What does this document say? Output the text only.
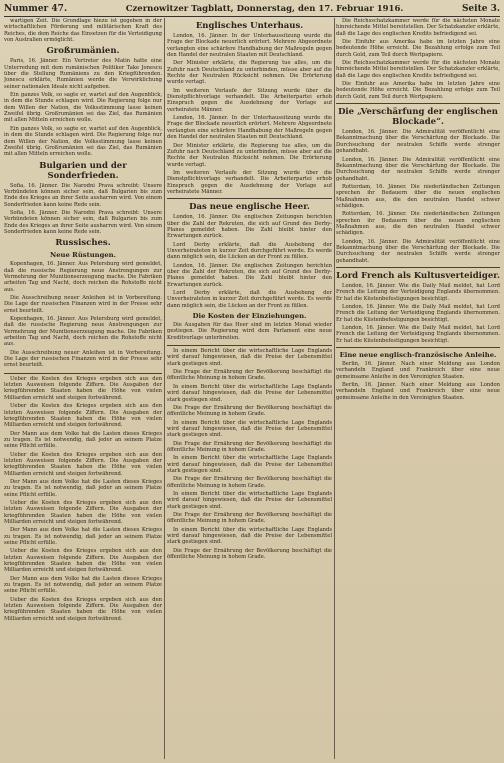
Nummer 47.	Czernowitzer Tagblatt, Donnerstag, den 17. Februar 1916.	Seite 3.

wartigen Zeit. Die Grundlage hiezu ist gegeben in der wirtschaftlichen Förderung und militärischen Kraft des Reiches, die dem Reiche das Einsetzen für die Verteidigung von Australien ermöglicht.

Großrumänien.

Paris, 16. Jänner. Ein Vertreter des Matin hatte eine Unterredung mit dem rumänischen Politiker Take Jonescu über die Stellung Rumäniens zu den Kriegführenden. Jonescu erklärte, Rumänien werde die Verwirklichung seiner nationalen Ideale nicht aufgeben.

Ein ganzes Volk, so sagte er, wartet auf den Augenblick, in dem die Stunde schlagen wird. Die Regierung folge nur dem Willen der Nation, die Volksstimmung lasse keinen Zweifel übrig. Großrumänien sei das Ziel, das Rumänien mit allen Mitteln erreichen wolle.

Ein ganzes Volk, so sagte er, wartet auf den Augenblick, in dem die Stunde schlagen wird. Die Regierung folge nur dem Willen der Nation, die Volksstimmung lasse keinen Zweifel übrig. Großrumänien sei das Ziel, das Rumänien mit allen Mitteln erreichen wolle.

Bulgarien und der Sonderfrieden.

Sofia, 16. Jänner. Die Narodni Prava schreibt: Unsere Verbündeten können sicher sein, daß Bulgarien bis zum Ende des Krieges an ihrer Seite ausharren wird. Von einem Sonderfrieden kann keine Rede sein.

Sofia, 16. Jänner. Die Narodni Prava schreibt: Unsere Verbündeten können sicher sein, daß Bulgarien bis zum Ende des Krieges an ihrer Seite ausharren wird. Von einem Sonderfrieden kann keine Rede sein.

Russisches.
Neue Rüstungen.

Kopenhagen, 16. Jänner. Aus Petersburg wird gemeldet, daß die russische Regierung neue Anstrengungen zur Vermehrung der Munitionserzeugung mache. Die Fabriken arbeiten Tag und Nacht, doch reichen die Rohstoffe nicht aus.

Die Ausschreibung neuer Anleihen ist in Vorbereitung. Die Lage der russischen Finanzen wird in der Presse sehr ernst beurteilt.

Kopenhagen, 16. Jänner. Aus Petersburg wird gemeldet, daß die russische Regierung neue Anstrengungen zur Vermehrung der Munitionserzeugung mache. Die Fabriken arbeiten Tag und Nacht, doch reichen die Rohstoffe nicht aus.

Die Ausschreibung neuer Anleihen ist in Vorbereitung. Die Lage der russischen Finanzen wird in der Presse sehr ernst beurteilt.

Ueber die Kosten des Krieges ergeben sich aus den letzten Ausweisen folgende Ziffern. Die Ausgaben der kriegführenden Staaten haben die Höhe von vielen Milliarden erreicht und steigen fortwährend.

Ueber die Kosten des Krieges ergeben sich aus den letzten Ausweisen folgende Ziffern. Die Ausgaben der kriegführenden Staaten haben die Höhe von vielen Milliarden erreicht und steigen fortwährend.

Der Mann aus dem Volke hat die Lasten dieses Krieges zu tragen. Es ist notwendig, daß jeder an seinem Platze seine Pflicht erfülle.

Ueber die Kosten des Krieges ergeben sich aus den letzten Ausweisen folgende Ziffern. Die Ausgaben der kriegführenden Staaten haben die Höhe von vielen Milliarden erreicht und steigen fortwährend.

Der Mann aus dem Volke hat die Lasten dieses Krieges zu tragen. Es ist notwendig, daß jeder an seinem Platze seine Pflicht erfülle.

Ueber die Kosten des Krieges ergeben sich aus den letzten Ausweisen folgende Ziffern. Die Ausgaben der kriegführenden Staaten haben die Höhe von vielen Milliarden erreicht und steigen fortwährend.

Der Mann aus dem Volke hat die Lasten dieses Krieges zu tragen. Es ist notwendig, daß jeder an seinem Platze seine Pflicht erfülle.

Ueber die Kosten des Krieges ergeben sich aus den letzten Ausweisen folgende Ziffern. Die Ausgaben der kriegführenden Staaten haben die Höhe von vielen Milliarden erreicht und steigen fortwährend.

Der Mann aus dem Volke hat die Lasten dieses Krieges zu tragen. Es ist notwendig, daß jeder an seinem Platze seine Pflicht erfülle.

Ueber die Kosten des Krieges ergeben sich aus den letzten Ausweisen folgende Ziffern. Die Ausgaben der kriegführenden Staaten haben die Höhe von vielen Milliarden erreicht und steigen fortwährend.

Englisches Unterhaus.

London, 16. Jänner. In der Unterhaussitzung wurde die Frage der Blockade neuerlich erörtert. Mehrere Abgeordnete verlangten eine schärfere Handhabung der Maßregeln gegen den Handel der neutralen Staaten mit Deutschland.

Der Minister erklärte, die Regierung tue alles, um die Zufuhr nach Deutschland zu unterbinden, müsse aber auf die Rechte der Neutralen Rücksicht nehmen. Die Erörterung wurde vertagt.

Im weiteren Verlaufe der Sitzung wurde über die Dienstpflichtvorlage verhandelt. Die Arbeiterpartei erhob Einspruch gegen die Ausdehnung der Vorlage auf verheiratete Männer.

London, 16. Jänner. In der Unterhaussitzung wurde die Frage der Blockade neuerlich erörtert. Mehrere Abgeordnete verlangten eine schärfere Handhabung der Maßregeln gegen den Handel der neutralen Staaten mit Deutschland.

Der Minister erklärte, die Regierung tue alles, um die Zufuhr nach Deutschland zu unterbinden, müsse aber auf die Rechte der Neutralen Rücksicht nehmen. Die Erörterung wurde vertagt.

Im weiteren Verlaufe der Sitzung wurde über die Dienstpflichtvorlage verhandelt. Die Arbeiterpartei erhob Einspruch gegen die Ausdehnung der Vorlage auf verheiratete Männer.

Das neue englische Heer.

London, 16. Jänner. Die englischen Zeitungen berichten über die Zahl der Rekruten, die sich auf Grund des Derby-Planes gemeldet haben. Die Zahl bleibt hinter den Erwartungen zurück.

Lord Derby erklärte, daß die Aushebung der Unverheirateten in kurzer Zeit durchgeführt werde. Es werde dann möglich sein, die Lücken an der Front zu füllen.

London, 16. Jänner. Die englischen Zeitungen berichten über die Zahl der Rekruten, die sich auf Grund des Derby-Planes gemeldet haben. Die Zahl bleibt hinter den Erwartungen zurück.

Lord Derby erklärte, daß die Aushebung der Unverheirateten in kurzer Zeit durchgeführt werde. Es werde dann möglich sein, die Lücken an der Front zu füllen.

Die Kosten der Einziehungen.

Die Ausgaben für das Heer sind im letzten Monat wieder gestiegen. Die Regierung wird dem Parlament eine neue Kreditvorlage unterbreiten.

In einem Bericht über die wirtschaftliche Lage Englands wird darauf hingewiesen, daß die Preise der Lebensmittel stark gestiegen sind.

Die Frage der Ernährung der Bevölkerung beschäftigt die öffentliche Meinung in hohem Grade.

In einem Bericht über die wirtschaftliche Lage Englands wird darauf hingewiesen, daß die Preise der Lebensmittel stark gestiegen sind.

Die Frage der Ernährung der Bevölkerung beschäftigt die öffentliche Meinung in hohem Grade.

In einem Bericht über die wirtschaftliche Lage Englands wird darauf hingewiesen, daß die Preise der Lebensmittel stark gestiegen sind.

Die Frage der Ernährung der Bevölkerung beschäftigt die öffentliche Meinung in hohem Grade.

In einem Bericht über die wirtschaftliche Lage Englands wird darauf hingewiesen, daß die Preise der Lebensmittel stark gestiegen sind.

Die Frage der Ernährung der Bevölkerung beschäftigt die öffentliche Meinung in hohem Grade.

In einem Bericht über die wirtschaftliche Lage Englands wird darauf hingewiesen, daß die Preise der Lebensmittel stark gestiegen sind.

Die Frage der Ernährung der Bevölkerung beschäftigt die öffentliche Meinung in hohem Grade.

In einem Bericht über die wirtschaftliche Lage Englands wird darauf hingewiesen, daß die Preise der Lebensmittel stark gestiegen sind.

Die Frage der Ernährung der Bevölkerung beschäftigt die öffentliche Meinung in hohem Grade.

Die Reichsschatzkammer werde für die nächsten Monate hinreichende Mittel bereitstellen. Der Schatzkanzler erklärte, daß die Lage des englischen Kredits befriedigend sei.

Die Einfuhr aus Amerika habe im letzten Jahre eine bedeutende Höhe erreicht. Die Bezahlung erfolge zum Teil durch Gold, zum Teil durch Wertpapiere.

Die Reichsschatzkammer werde für die nächsten Monate hinreichende Mittel bereitstellen. Der Schatzkanzler erklärte, daß die Lage des englischen Kredits befriedigend sei.

Die Einfuhr aus Amerika habe im letzten Jahre eine bedeutende Höhe erreicht. Die Bezahlung erfolge zum Teil durch Gold, zum Teil durch Wertpapiere.

Die „Verschärfung der englischen Blockade“.

London, 16. Jänner. Die Admiralität veröffentlicht eine Bekanntmachung über die Verschärfung der Blockade. Die Durchsuchung der neutralen Schiffe werde strenger gehandhabt.

London, 16. Jänner. Die Admiralität veröffentlicht eine Bekanntmachung über die Verschärfung der Blockade. Die Durchsuchung der neutralen Schiffe werde strenger gehandhabt.

Rotterdam, 16. Jänner. Die niederländischen Zeitungen sprechen ihr Bedauern über die neuen englischen Maßnahmen aus, die den neutralen Handel schwer schädigen.

Rotterdam, 16. Jänner. Die niederländischen Zeitungen sprechen ihr Bedauern über die neuen englischen Maßnahmen aus, die den neutralen Handel schwer schädigen.

London, 16. Jänner. Die Admiralität veröffentlicht eine Bekanntmachung über die Verschärfung der Blockade. Die Durchsuchung der neutralen Schiffe werde strenger gehandhabt.

Lord French als Kultusverteidiger.

London, 16. Jänner. Wie die Daily Mail meldet, hat Lord French die Leitung der Verteidigung Englands übernommen. Er hat die Küstenbefestigungen besichtigt.

London, 16. Jänner. Wie die Daily Mail meldet, hat Lord French die Leitung der Verteidigung Englands übernommen. Er hat die Küstenbefestigungen besichtigt.

London, 16. Jänner. Wie die Daily Mail meldet, hat Lord French die Leitung der Verteidigung Englands übernommen. Er hat die Küstenbefestigungen besichtigt.

Eine neue englisch-französische Anleihe.

Berlin, 16. Jänner. Nach einer Meldung aus London verhandeln England und Frankreich über eine neue gemeinsame Anleihe in den Vereinigten Staaten.

Berlin, 16. Jänner. Nach einer Meldung aus London verhandeln England und Frankreich über eine neue gemeinsame Anleihe in den Vereinigten Staaten.
